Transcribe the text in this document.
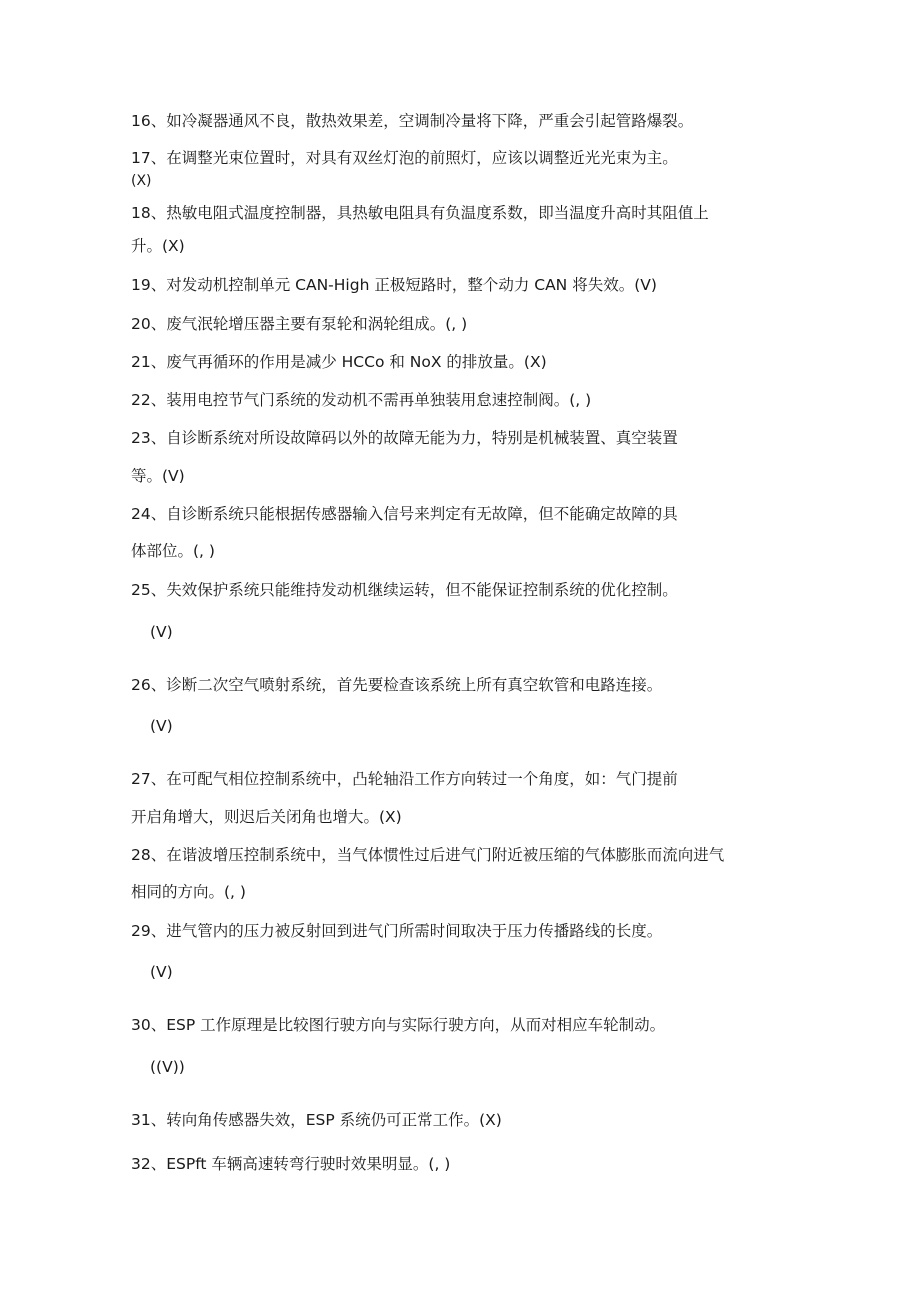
16、如冷凝器通风不良，散热效果差，空调制冷量将下降，严重会引起管路爆裂。
17、在调整光束位置时，对具有双丝灯泡的前照灯，应该以调整近光光束为主。
(X)
18、热敏电阻式温度控制器，具热敏电阻具有负温度系数，即当温度升高时其阻值上
升。(X)
19、对发动机控制单元 CAN-High 正极短路时，整个动力 CAN 将失效。(V)
20、废气泯轮增压器主要有泵轮和涡轮组成。(, )
21、废气再循环的作用是减少 HCCo 和 NoX 的排放量。(X)
22、装用电控节气门系统的发动机不需再单独装用怠速控制阀。(, )
23、自诊断系统对所设故障码以外的故障无能为力，特别是机械装置、真空装置
等。(V)
24、自诊断系统只能根据传感器输入信号来判定有无故障，但不能确定故障的具
体部位。(, )
25、失效保护系统只能维持发动机继续运转，但不能保证控制系统的优化控制。
(V)
26、诊断二次空气喷射系统，首先要检查该系统上所有真空软管和电路连接。
(V)
27、在可配气相位控制系统中，凸轮轴沿工作方向转过一个角度，如：气门提前
开启角增大，则迟后关闭角也增大。(X)
28、在谐波增压控制系统中，当气体惯性过后进气门附近被压缩的气体膨胀而流向进气
相同的方向。(, )
29、进气管内的压力被反射回到进气门所需时间取决于压力传播路线的长度。
(V)
30、ESP 工作原理是比较图行驶方向与实际行驶方向，从而对相应车轮制动。
((V))
31、转向角传感器失效，ESP 系统仍可正常工作。(X)
32、ESPft 车辆高速转弯行驶时效果明显。(, )
